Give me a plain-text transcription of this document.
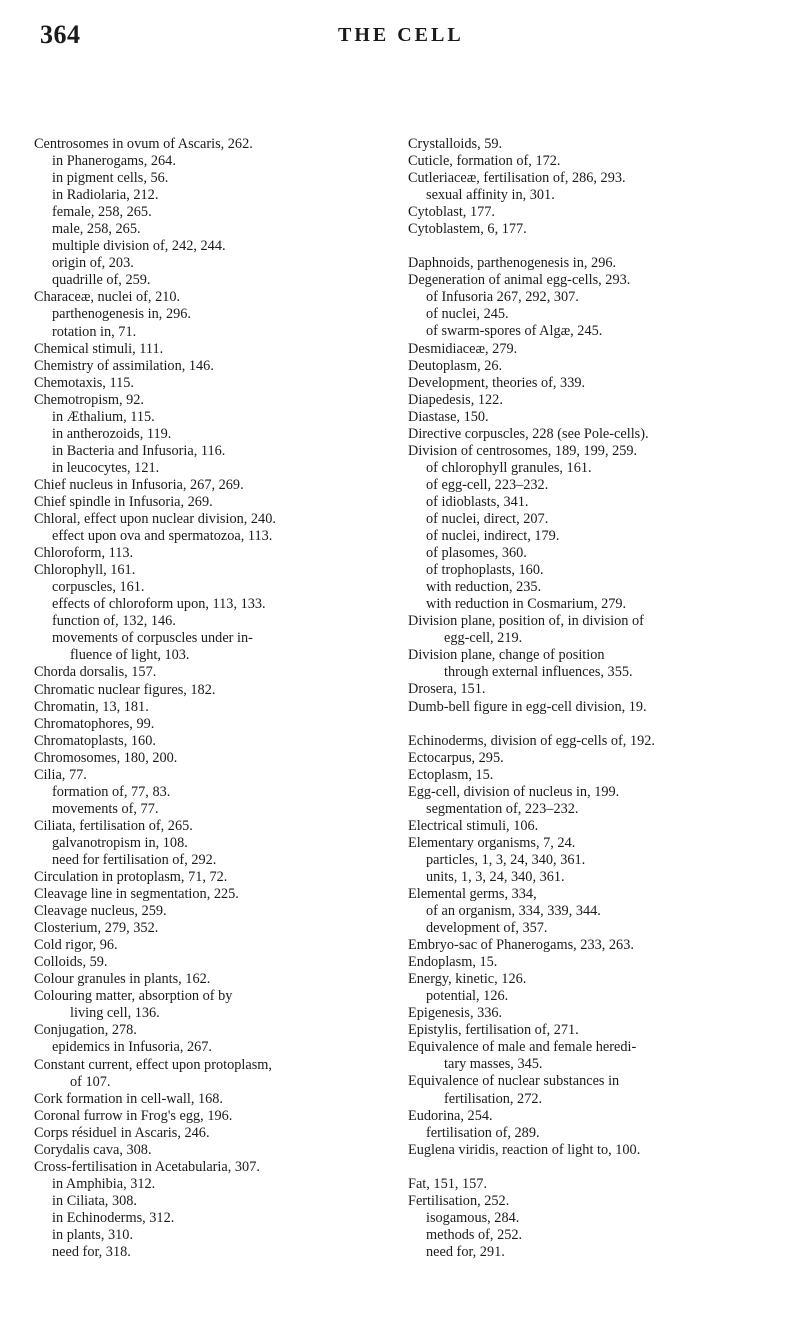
364	THE CELL
Centrosomes in ovum of Ascaris, 262.
in Phanerogams, 264.
in pigment cells, 56.
in Radiolaria, 212.
female, 258, 265.
male, 258, 265.
multiple division of, 242, 244.
origin of, 203.
quadrille of, 259.
Characeæ, nuclei of, 210.
parthenogenesis in, 296.
rotation in, 71.
Chemical stimuli, 111.
Chemistry of assimilation, 146.
Chemotaxis, 115.
Chemotropism, 92.
in Æthalium, 115.
in antherozoids, 119.
in Bacteria and Infusoria, 116.
in leucocytes, 121.
Chief nucleus in Infusoria, 267, 269.
Chief spindle in Infusoria, 269.
Chloral, effect upon nuclear division, 240.
effect upon ova and spermatozoa, 113.
Chloroform, 113.
Chlorophyll, 161.
corpuscles, 161.
effects of chloroform upon, 113, 133.
function of, 132, 146.
movements of corpuscles under in-
fluence of light, 103.
Chorda dorsalis, 157.
Chromatic nuclear figures, 182.
Chromatin, 13, 181.
Chromatophores, 99.
Chromatoplasts, 160.
Chromosomes, 180, 200.
Cilia, 77.
formation of, 77, 83.
movements of, 77.
Ciliata, fertilisation of, 265.
galvanotropism in, 108.
need for fertilisation of, 292.
Circulation in protoplasm, 71, 72.
Cleavage line in segmentation, 225.
Cleavage nucleus, 259.
Closterium, 279, 352.
Cold rigor, 96.
Colloids, 59.
Colour granules in plants, 162.
Colouring matter, absorption of by
living cell, 136.
Conjugation, 278.
epidemics in Infusoria, 267.
Constant current, effect upon protoplasm,
of 107.
Cork formation in cell-wall, 168.
Coronal furrow in Frog's egg, 196.
Corps résiduel in Ascaris, 246.
Corydalis cava, 308.
Cross-fertilisation in Acetabularia, 307.
in Amphibia, 312.
in Ciliata, 308.
in Echinoderms, 312.
in plants, 310.
need for, 318.
Crystalloids, 59.
Cuticle, formation of, 172.
Cutleriaceæ, fertilisation of, 286, 293.
sexual affinity in, 301.
Cytoblast, 177.
Cytoblastem, 6, 177.
Daphnoids, parthenogenesis in, 296.
Degeneration of animal egg-cells, 293.
of Infusoria 267, 292, 307.
of nuclei, 245.
of swarm-spores of Algæ, 245.
Desmidiaceæ, 279.
Deutoplasm, 26.
Development, theories of, 339.
Diapedesis, 122.
Diastase, 150.
Directive corpuscles, 228 (see Pole-cells).
Division of centrosomes, 189, 199, 259.
of chlorophyll granules, 161.
of egg-cell, 223–232.
of idioblasts, 341.
of nuclei, direct, 207.
of nuclei, indirect, 179.
of plasomes, 360.
of trophoplasts, 160.
with reduction, 235.
with reduction in Cosmarium, 279.
Division plane, position of, in division of
egg-cell, 219.
Division plane, change of position
through external influences, 355.
Drosera, 151.
Dumb-bell figure in egg-cell division, 19.
Echinoderms, division of egg-cells of, 192.
Ectocarpus, 295.
Ectoplasm, 15.
Egg-cell, division of nucleus in, 199.
segmentation of, 223–232.
Electrical stimuli, 106.
Elementary organisms, 7, 24.
particles, 1, 3, 24, 340, 361.
units, 1, 3, 24, 340, 361.
Elemental germs, 334,
of an organism, 334, 339, 344.
development of, 357.
Embryo-sac of Phanerogams, 233, 263.
Endoplasm, 15.
Energy, kinetic, 126.
potential, 126.
Epigenesis, 336.
Epistylis, fertilisation of, 271.
Equivalence of male and female heredi-
tary masses, 345.
Equivalence of nuclear substances in
fertilisation, 272.
Eudorina, 254.
fertilisation of, 289.
Euglena viridis, reaction of light to, 100.
Fat, 151, 157.
Fertilisation, 252.
isogamous, 284.
methods of, 252.
need for, 291.
